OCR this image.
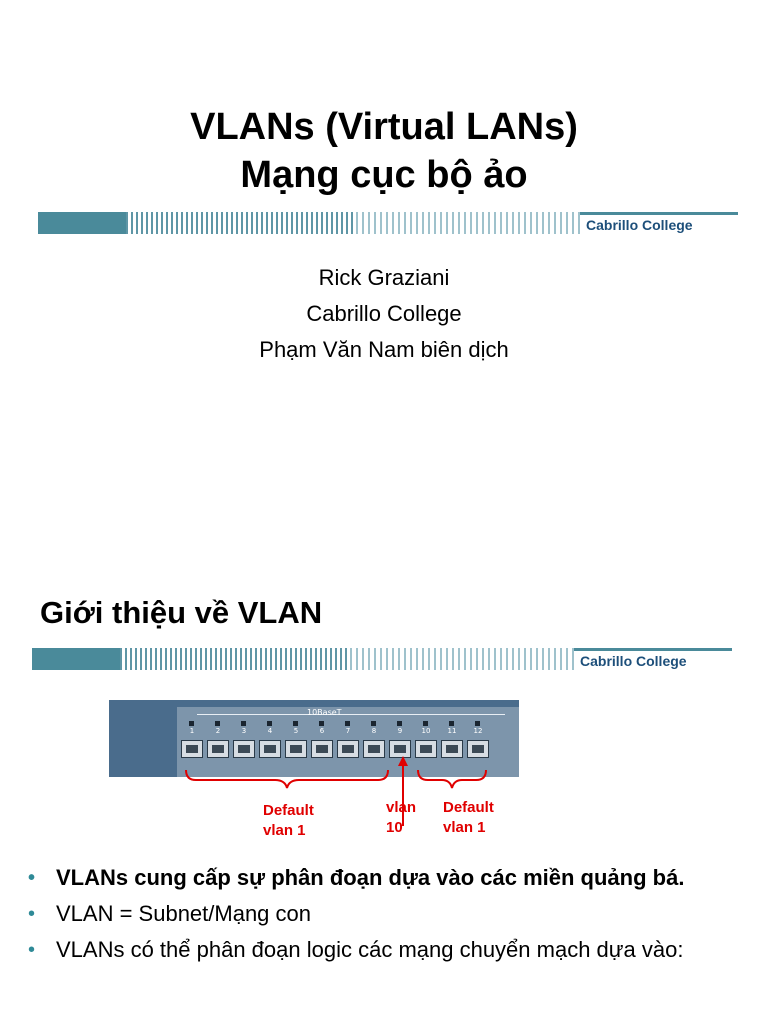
VLANs (Virtual LANs)
Mạng cục bộ ảo
Cabrillo College
Rick Graziani
Cabrillo College
Phạm Văn Nam biên dịch
Giới thiệu về VLAN
Cabrillo College
10BaseT
1	2	3	4	5	6	7	8	9	10	11	12
Default
vlan 1
vlan
10
Default
vlan 1
• VLANs cung cấp sự phân đoạn dựa vào các miền quảng bá.
• VLAN = Subnet/Mạng con
• VLANs có thể phân đoạn logic các mạng chuyển mạch dựa vào:
